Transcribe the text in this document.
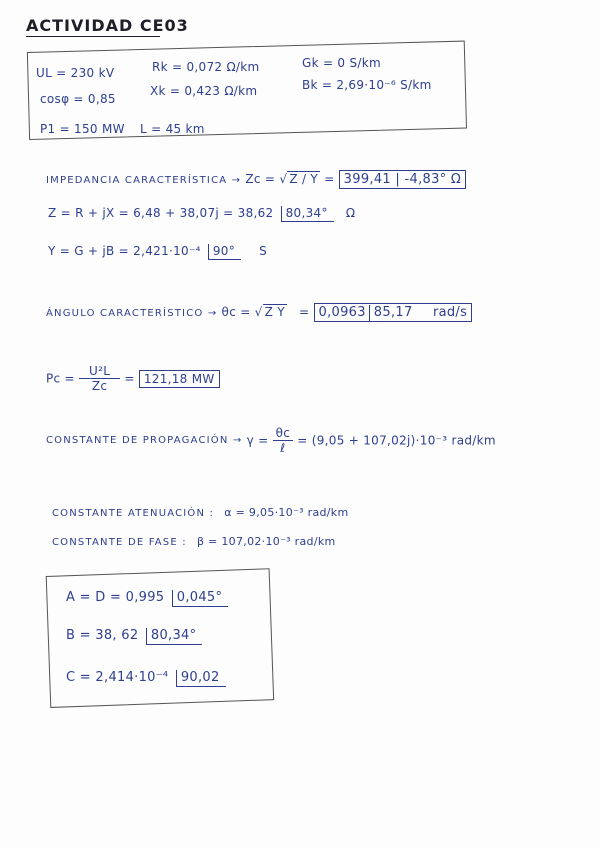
ACTIVIDAD CE03
UL = 230 kV
cosφ = 0,85
P1 = 150 MW L = 45 km
Rk = 0,072 Ω/km
Xk = 0,423 Ω/km
Gk = 0 S/km
Bk = 2,69·10⁻⁶ S/km
IMPEDANCIA CARACTERÍSTICA → Zc = √ Z / Y = 399,41 | -4,83° Ω
Z = R + jX = 6,48 + 38,07j = 38,62 80,34° Ω
Y = G + jB = 2,421·10⁻⁴ 90° S
ÁNGULO CARACTERÍSTICO → θc = √ Z Y = 0,0963 85,17 rad/s
$Pc = \frac{\text{U²L}}{Zc} = 121,18$ MW
CONSTANTE DE PROPAGACIÓN → $\gamma = \frac{\theta c}{\text{ℓ}} = (9,05 + 107,02j)\cdot 10^{-3}$ rad/km
CONSTANTE ATENUACIÓN : α = 9,05·10⁻³ rad/km
CONSTANTE DE FASE : β = 107,02·10⁻³ rad/km
A = D = 0,995 0,045°
B = 38, 62 80,34°
C = 2,414·10⁻⁴ 90,02
